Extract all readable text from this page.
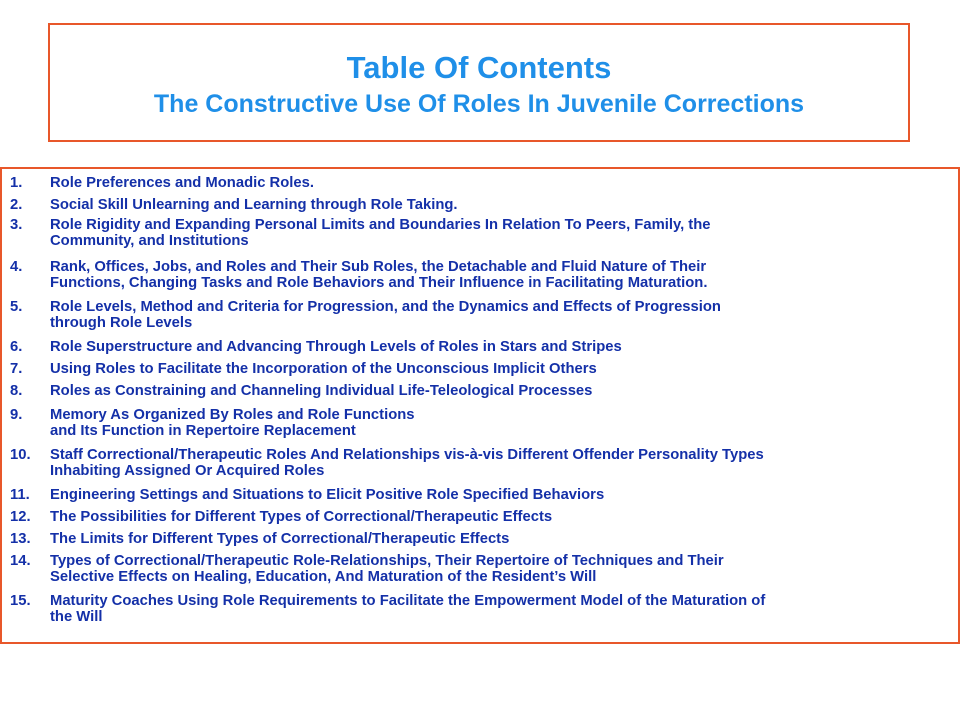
Table Of Contents
The Constructive Use Of Roles In Juvenile Corrections
1. Role Preferences and Monadic Roles.
2. Social Skill Unlearning and Learning through Role Taking.
3. Role Rigidity and Expanding Personal Limits and Boundaries In Relation To Peers, Family, the
Community, and Institutions
4. Rank, Offices, Jobs, and Roles and Their Sub Roles, the Detachable and Fluid Nature of Their
Functions, Changing Tasks and Role Behaviors and Their Influence in Facilitating Maturation.
5. Role Levels, Method and Criteria for Progression, and the Dynamics and Effects of Progression
through Role Levels
6. Role Superstructure and Advancing Through Levels of Roles in Stars and Stripes
7. Using Roles to Facilitate the Incorporation of the Unconscious Implicit Others
8. Roles as Constraining and Channeling Individual Life-Teleological Processes
9. Memory As Organized By Roles and Role Functions
and Its Function in Repertoire Replacement
10. Staff Correctional/Therapeutic Roles And Relationships vis-à-vis Different Offender Personality Types
Inhabiting Assigned Or Acquired Roles
11. Engineering Settings and Situations to Elicit Positive Role Specified Behaviors
12. The Possibilities for Different Types of Correctional/Therapeutic Effects
13. The Limits for Different Types of Correctional/Therapeutic Effects
14. Types of Correctional/Therapeutic Role-Relationships, Their Repertoire of Techniques and Their
Selective Effects on Healing, Education, And Maturation of the Resident’s Will
15. Maturity Coaches Using Role Requirements to Facilitate the Empowerment Model of the Maturation of
the Will
